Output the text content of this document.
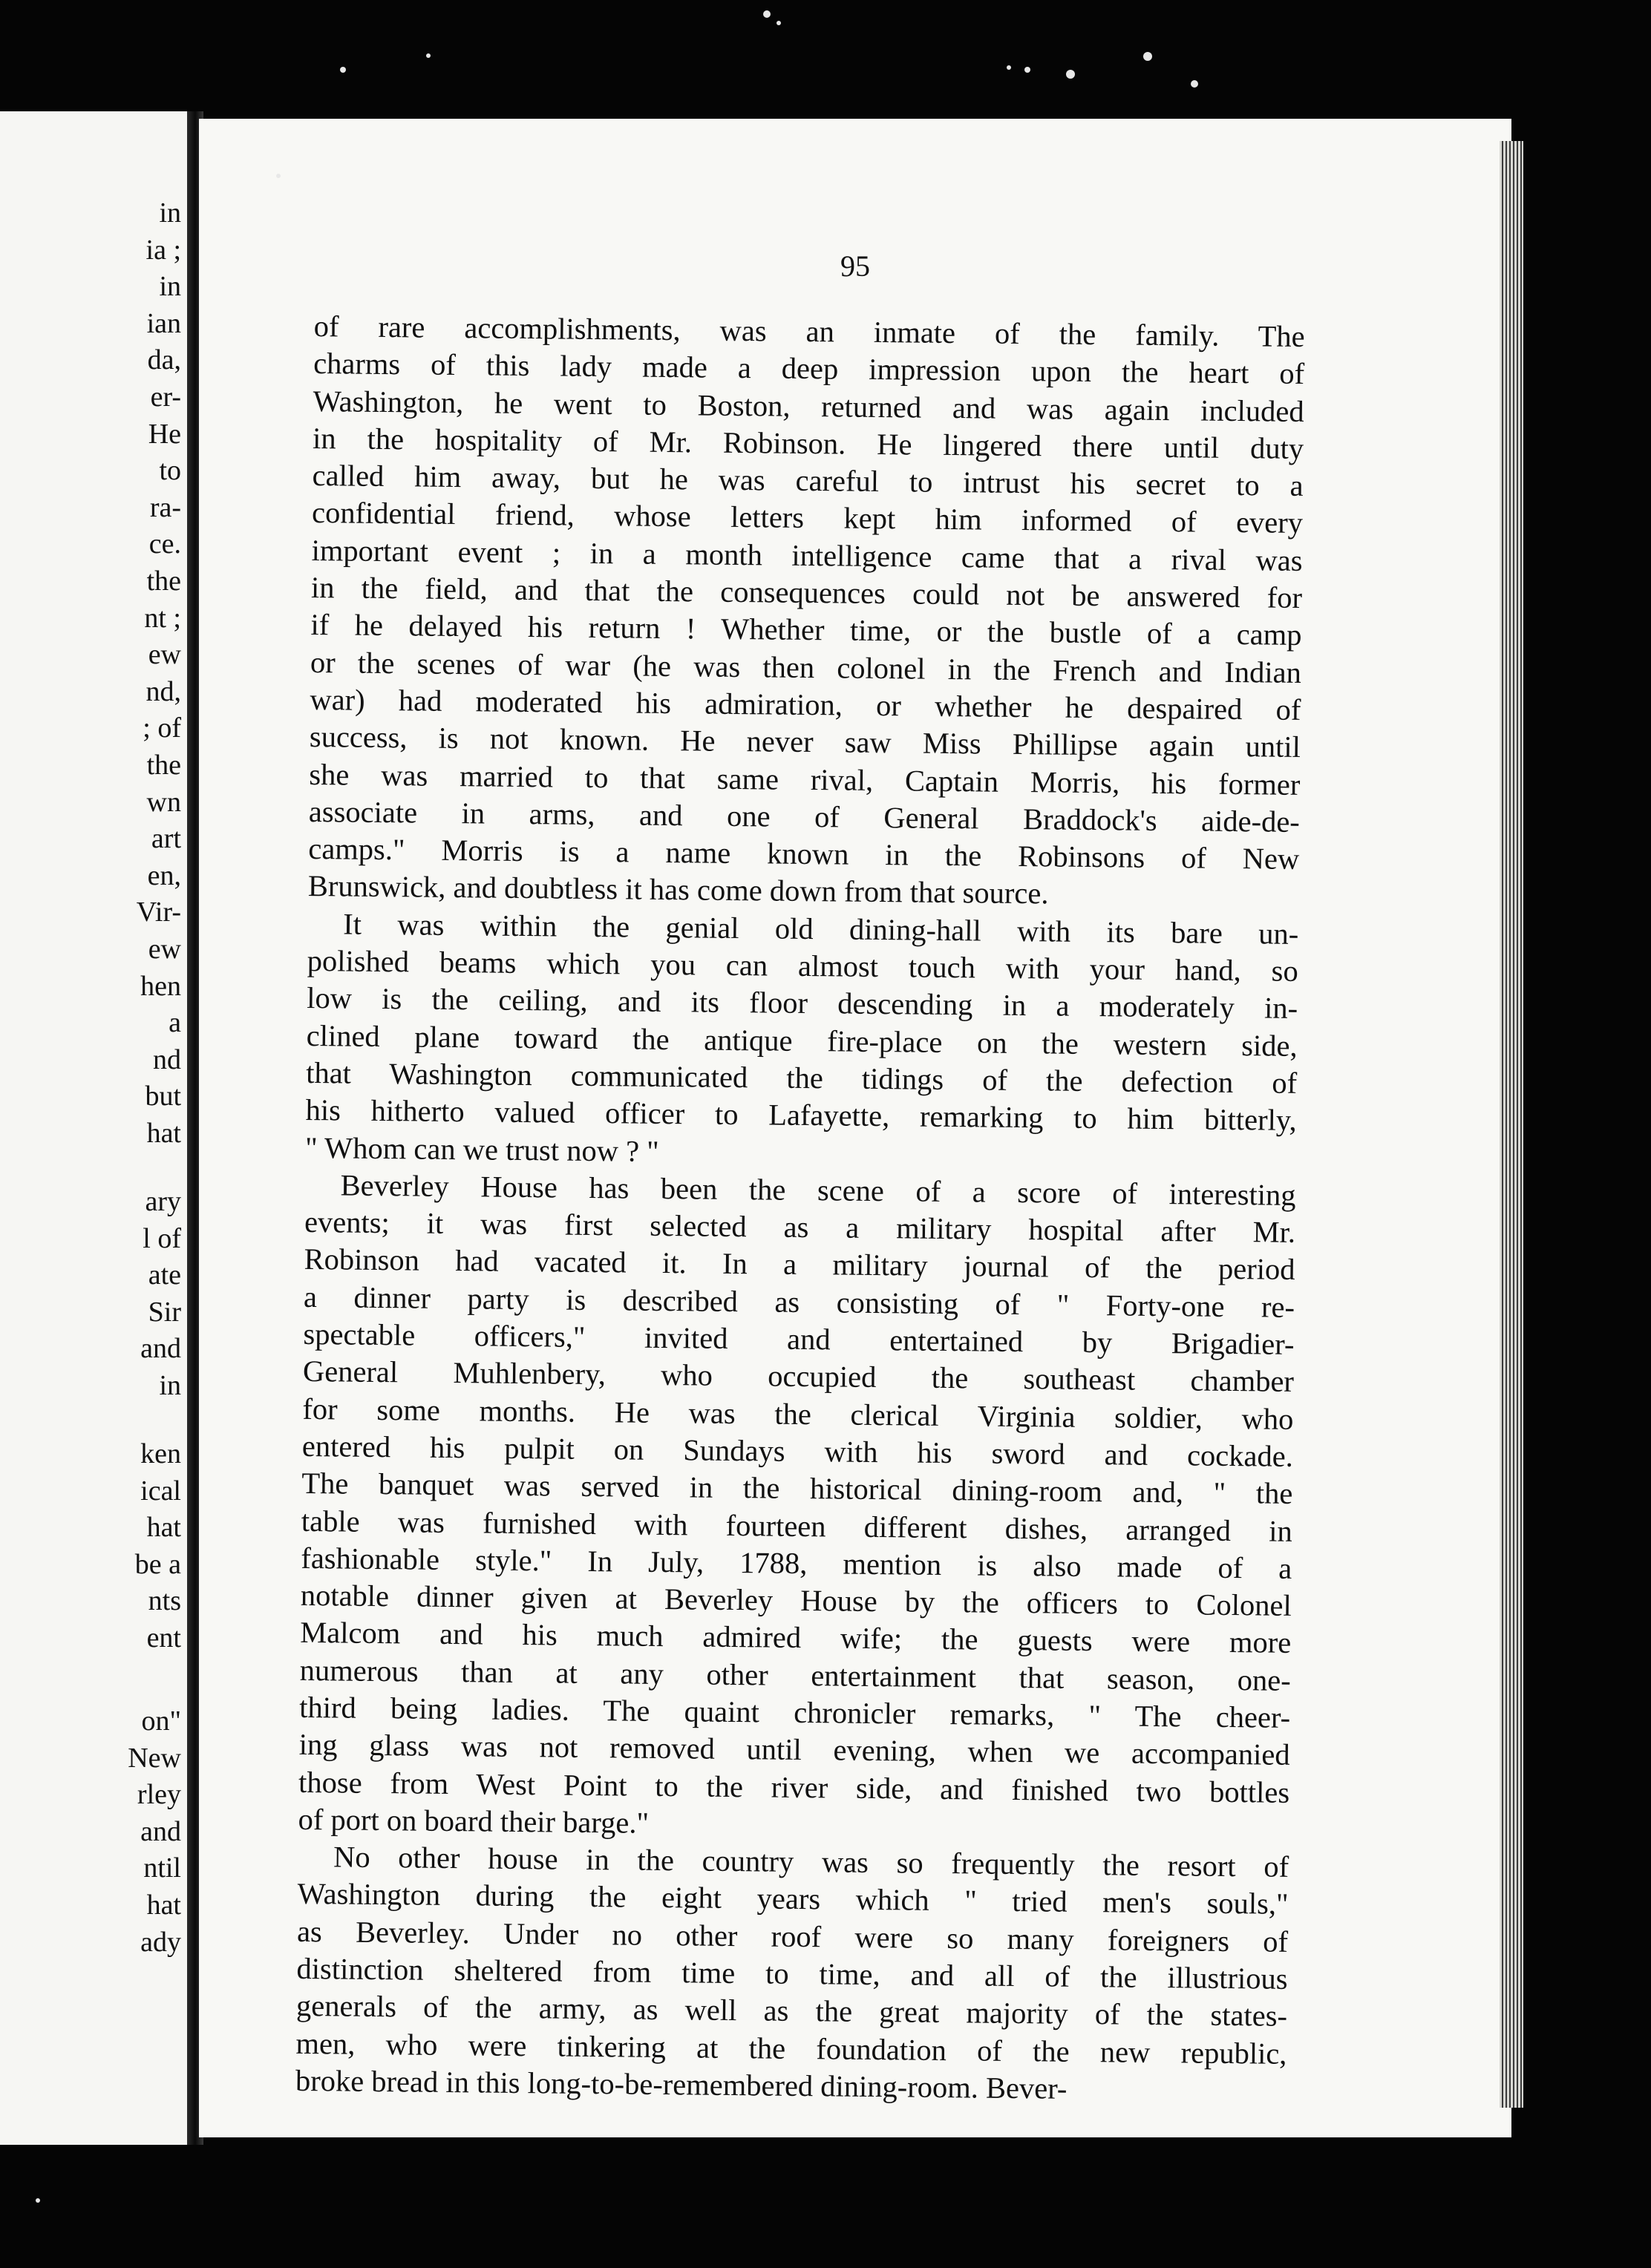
in
ia ;
in
ian
da,
er-
He
to
ra-
ce.
the
nt ;
ew
nd,
; of
the
wn
art
en,
Vir-
ew
hen
a
nd
but
hat
ary
l of
ate
Sir
and
in
ken
ical
hat
be a
nts
ent
on"
New
rley
and
ntil
hat
ady
95
of rare accomplishments, was an inmate of the family. The
charms of this lady made a deep impression upon the heart of
Washington, he went to Boston, returned and was again included
in the hospitality of Mr. Robinson. He lingered there until duty
called him away, but he was careful to intrust his secret to a
confidential friend, whose letters kept him informed of every
important event ; in a month intelligence came that a rival was
in the field, and that the consequences could not be answered for
if he delayed his return ! Whether time, or the bustle of a camp
or the scenes of war (he was then colonel in the French and Indian
war) had moderated his admiration, or whether he despaired of
success, is not known. He never saw Miss Phillipse again until
she was married to that same rival, Captain Morris, his former
associate in arms, and one of General Braddock's aide-de-
camps." Morris is a name known in the Robinsons of New
Brunswick, and doubtless it has come down from that source.
It was within the genial old dining-hall with its bare un-
polished beams which you can almost touch with your hand, so
low is the ceiling, and its floor descending in a moderately in-
clined plane toward the antique fire-place on the western side,
that Washington communicated the tidings of the defection of
his hitherto valued officer to Lafayette, remarking to him bitterly,
" Whom can we trust now ? "
Beverley House has been the scene of a score of interesting
events; it was first selected as a military hospital after Mr.
Robinson had vacated it. In a military journal of the period
a dinner party is described as consisting of " Forty-one re-
spectable officers," invited and entertained by Brigadier-
General Muhlenbery, who occupied the southeast chamber
for some months. He was the clerical Virginia soldier, who
entered his pulpit on Sundays with his sword and cockade.
The banquet was served in the historical dining-room and, " the
table was furnished with fourteen different dishes, arranged in
fashionable style." In July, 1788, mention is also made of a
notable dinner given at Beverley House by the officers to Colonel
Malcom and his much admired wife; the guests were more
numerous than at any other entertainment that season, one-
third being ladies. The quaint chronicler remarks, " The cheer-
ing glass was not removed until evening, when we accompanied
those from West Point to the river side, and finished two bottles
of port on board their barge."
No other house in the country was so frequently the resort of
Washington during the eight years which " tried men's souls,"
as Beverley. Under no other roof were so many foreigners of
distinction sheltered from time to time, and all of the illustrious
generals of the army, as well as the great majority of the states-
men, who were tinkering at the foundation of the new republic,
broke bread in this long-to-be-remembered dining-room. Bever-
